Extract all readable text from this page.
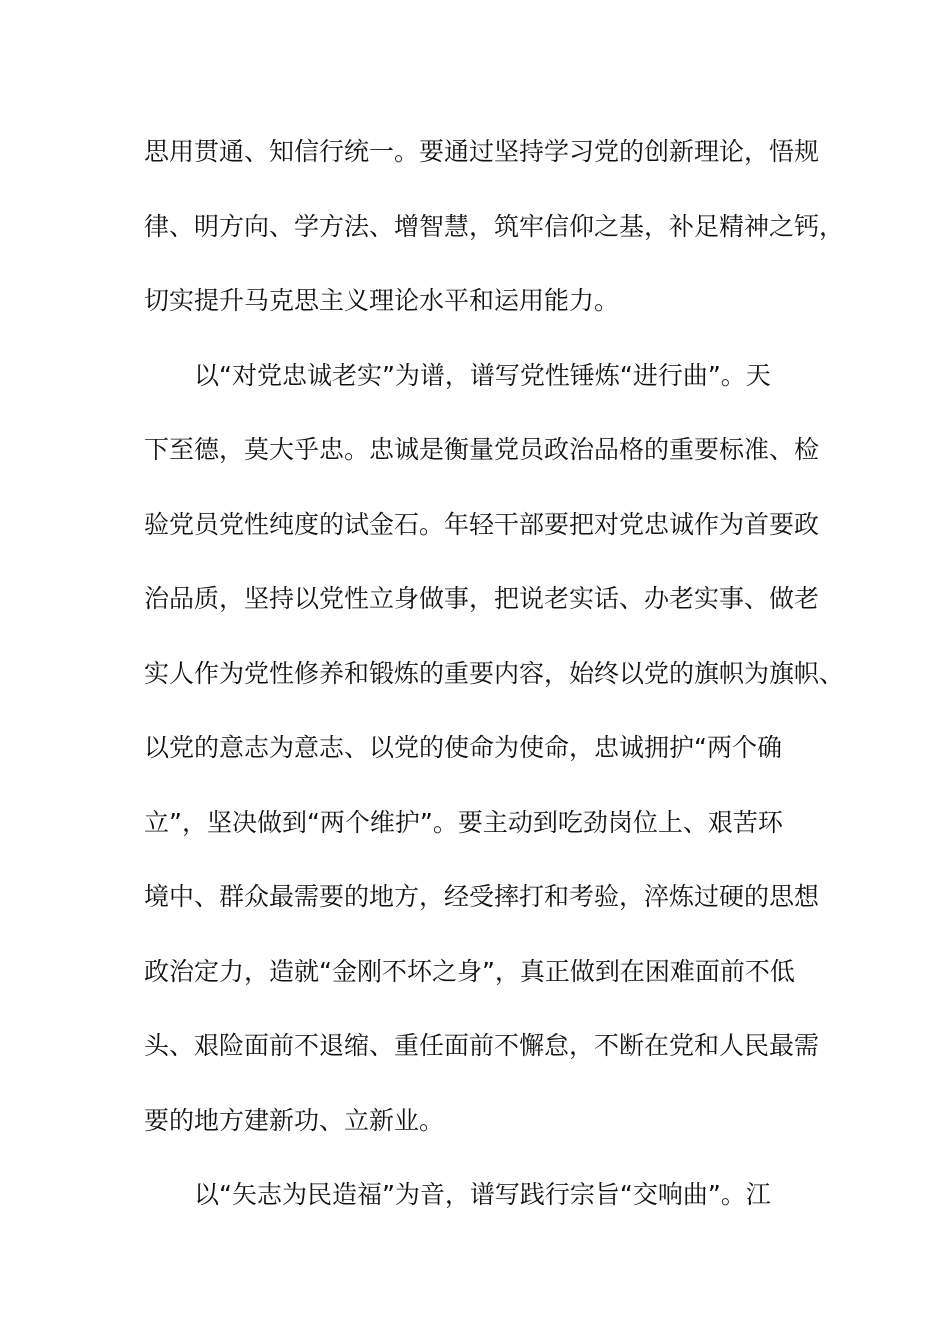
思用贯通、知信行统一。要通过坚持学习党的创新理论，悟规
律、明方向、学方法、增智慧，筑牢信仰之基，补足精神之钙，
切实提升马克思主义理论水平和运用能力。
以“对党忠诚老实”为谱，谱写党性锤炼“进行曲”。天
下至德，莫大乎忠。忠诚是衡量党员政治品格的重要标准、检
验党员党性纯度的试金石。年轻干部要把对党忠诚作为首要政
治品质，坚持以党性立身做事，把说老实话、办老实事、做老
实人作为党性修养和锻炼的重要内容，始终以党的旗帜为旗帜、
以党的意志为意志、以党的使命为使命，忠诚拥护“两个确
立”，坚决做到“两个维护”。要主动到吃劲岗位上、艰苦环
境中、群众最需要的地方，经受摔打和考验，淬炼过硬的思想
政治定力，造就“金刚不坏之身”，真正做到在困难面前不低
头、艰险面前不退缩、重任面前不懈怠，不断在党和人民最需
要的地方建新功、立新业。
以“矢志为民造福”为音，谱写践行宗旨“交响曲”。江
